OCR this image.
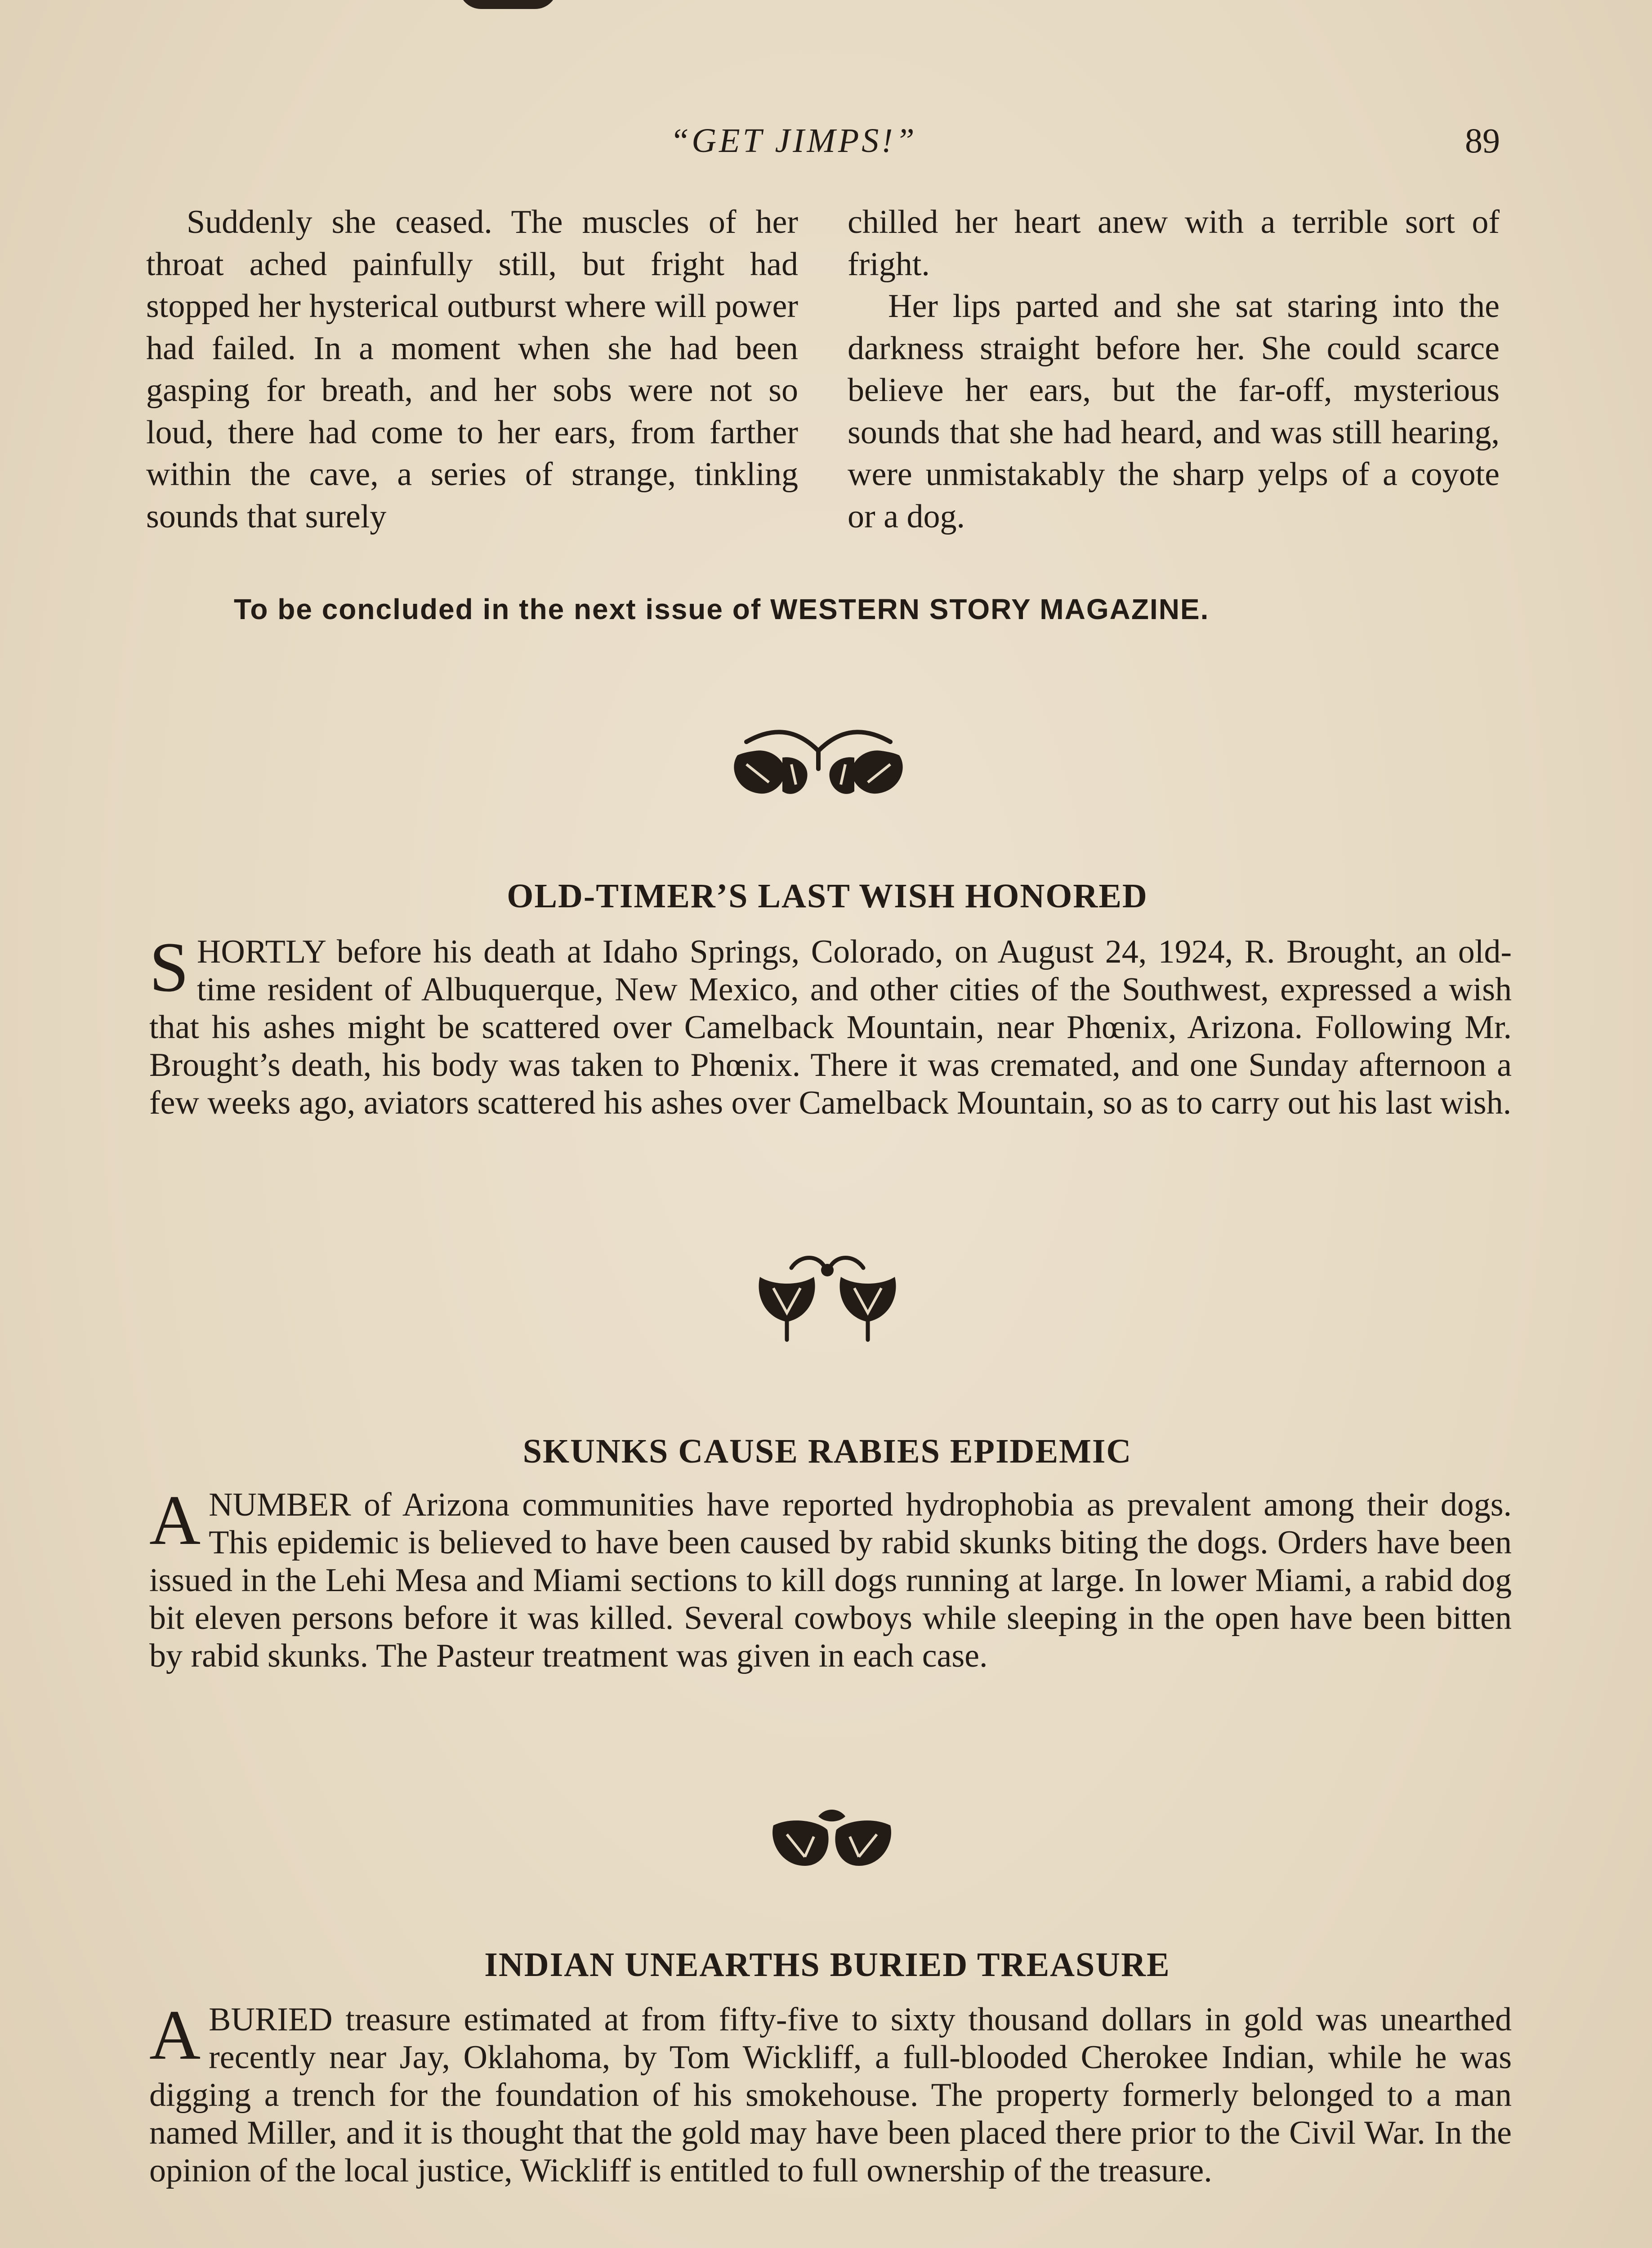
“GET JIMPS!”	89

Suddenly she ceased. The muscles of her throat ached painfully still, but fright had stopped her hysterical outburst where will power had failed. In a moment when she had been gasping for breath, and her sobs were not so loud, there had come to her ears, from farther within the cave, a series of strange, tinkling sounds that surely

chilled her heart anew with a terrible sort of fright.

Her lips parted and she sat staring into the darkness straight before her. She could scarce believe her ears, but the far-off, mysterious sounds that she had heard, and was still hearing, were unmistakably the sharp yelps of a coyote or a dog.

To be concluded in the next issue of WESTERN STORY MAGAZINE.
OLD-TIMER’S LAST WISH HONORED

S HORTLY before his death at Idaho Springs, Colorado, on August 24, 1924, R. Brought, an old-time resident of Albuquerque, New Mexico, and other cities of the Southwest, expressed a wish that his ashes might be scattered over Camelback Mountain, near Phœnix, Arizona. Following Mr. Brought’s death, his body was taken to Phœnix. There it was cremated, and one Sunday afternoon a few weeks ago, aviators scattered his ashes over Camelback Mountain, so as to carry out his last wish.

SKUNKS CAUSE RABIES EPIDEMIC

A NUMBER of Arizona communities have reported hydrophobia as prevalent among their dogs. This epidemic is believed to have been caused by rabid skunks biting the dogs. Orders have been issued in the Lehi Mesa and Miami sections to kill dogs running at large. In lower Miami, a rabid dog bit eleven persons before it was killed. Several cowboys while sleeping in the open have been bitten by rabid skunks. The Pasteur treatment was given in each case.

INDIAN UNEARTHS BURIED TREASURE

A BURIED treasure estimated at from fifty-five to sixty thousand dollars in gold was unearthed recently near Jay, Oklahoma, by Tom Wickliff, a full-blooded Cherokee Indian, while he was digging a trench for the foundation of his smokehouse. The property formerly belonged to a man named Miller, and it is thought that the gold may have been placed there prior to the Civil War. In the opinion of the local justice, Wickliff is entitled to full ownership of the treasure.
